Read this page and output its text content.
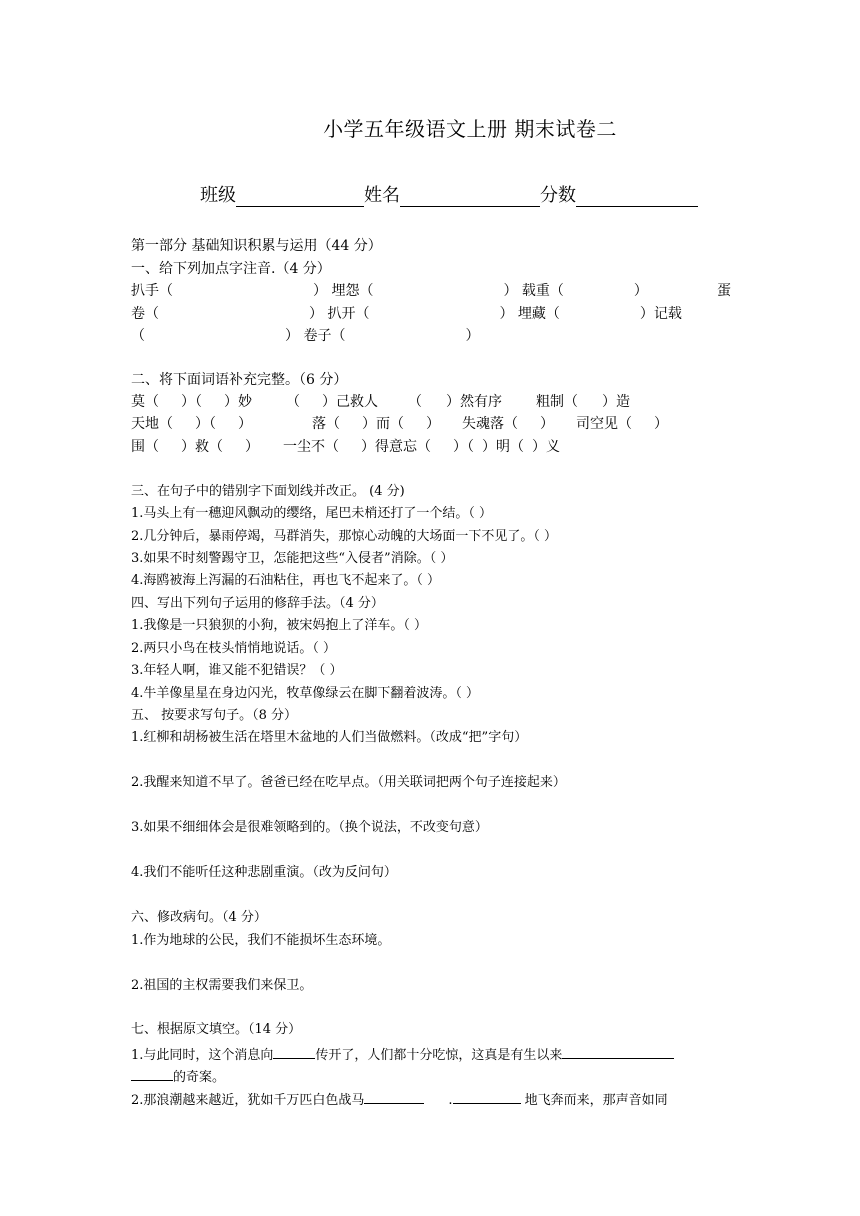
小学五年级语文上册 期末试卷二
班级	姓名	分数
第一部分 基础知识积累与运用（44 分）
一、给下列加点字注音.（4 分）
扒手（	） 埋怨（	） 载重（	）	蛋
卷（	） 扒开（	） 埋藏（	）记载
（	） 卷子（	）
二、将下面词语补充完整。（6 分）
莫（ ）（ ）妙 （ ）己救人 （ ）然有序 粗制（ ）造
天地（ ）（ ）	落（ ）而（ ） 失魂落（ ） 司空见（ ）
围（ ）救（ ） 一尘不（ ）得意忘（ ）（ ）明（ ）义
三、在句子中的错别字下面划线并改正。 (4 分)
1.马头上有一穗迎风飘动的缨络，尾巴未梢还打了一个结。（ ）
2.几分钟后，暴雨停竭，马群消失，那惊心动魄的大场面一下不见了。（ ）
3.如果不时刻警踢守卫，怎能把这些“入侵者”消除。（ ）
4.海鸥被海上泻漏的石油粘住，再也飞不起来了。（ ）
四、写出下列句子运用的修辞手法。（4 分）
1.我像是一只狼狈的小狗，被宋妈抱上了洋车。（ ）
2.两只小鸟在枝头悄悄地说话。（ ）
3.年轻人啊，谁又能不犯错误？（ ）
4.牛羊像星星在身边闪光，牧草像绿云在脚下翻着波涛。（ ）
五、 按要求写句子。（8 分）
1.红柳和胡杨被生活在塔里木盆地的人们当做燃料。（改成“把”字句）
2.我醒来知道不早了。爸爸已经在吃早点。（用关联词把两个句子连接起来）
3.如果不细细体会是很难领略到的。（换个说法，不改变句意）
4.我们不能听任这种悲剧重演。（改为反问句）
六、修改病句。（4 分）
1.作为地球的公民，我们不能损坏生态环境。
2.祖国的主权需要我们来保卫。
七、根据原文填空。（14 分）
1.与此同时，这个消息向	传开了，人们都十分吃惊，这真是有生以来
的奇案。
2.那浪潮越来越近，犹如千万匹白色战马	.	地飞奔而来，那声音如同
